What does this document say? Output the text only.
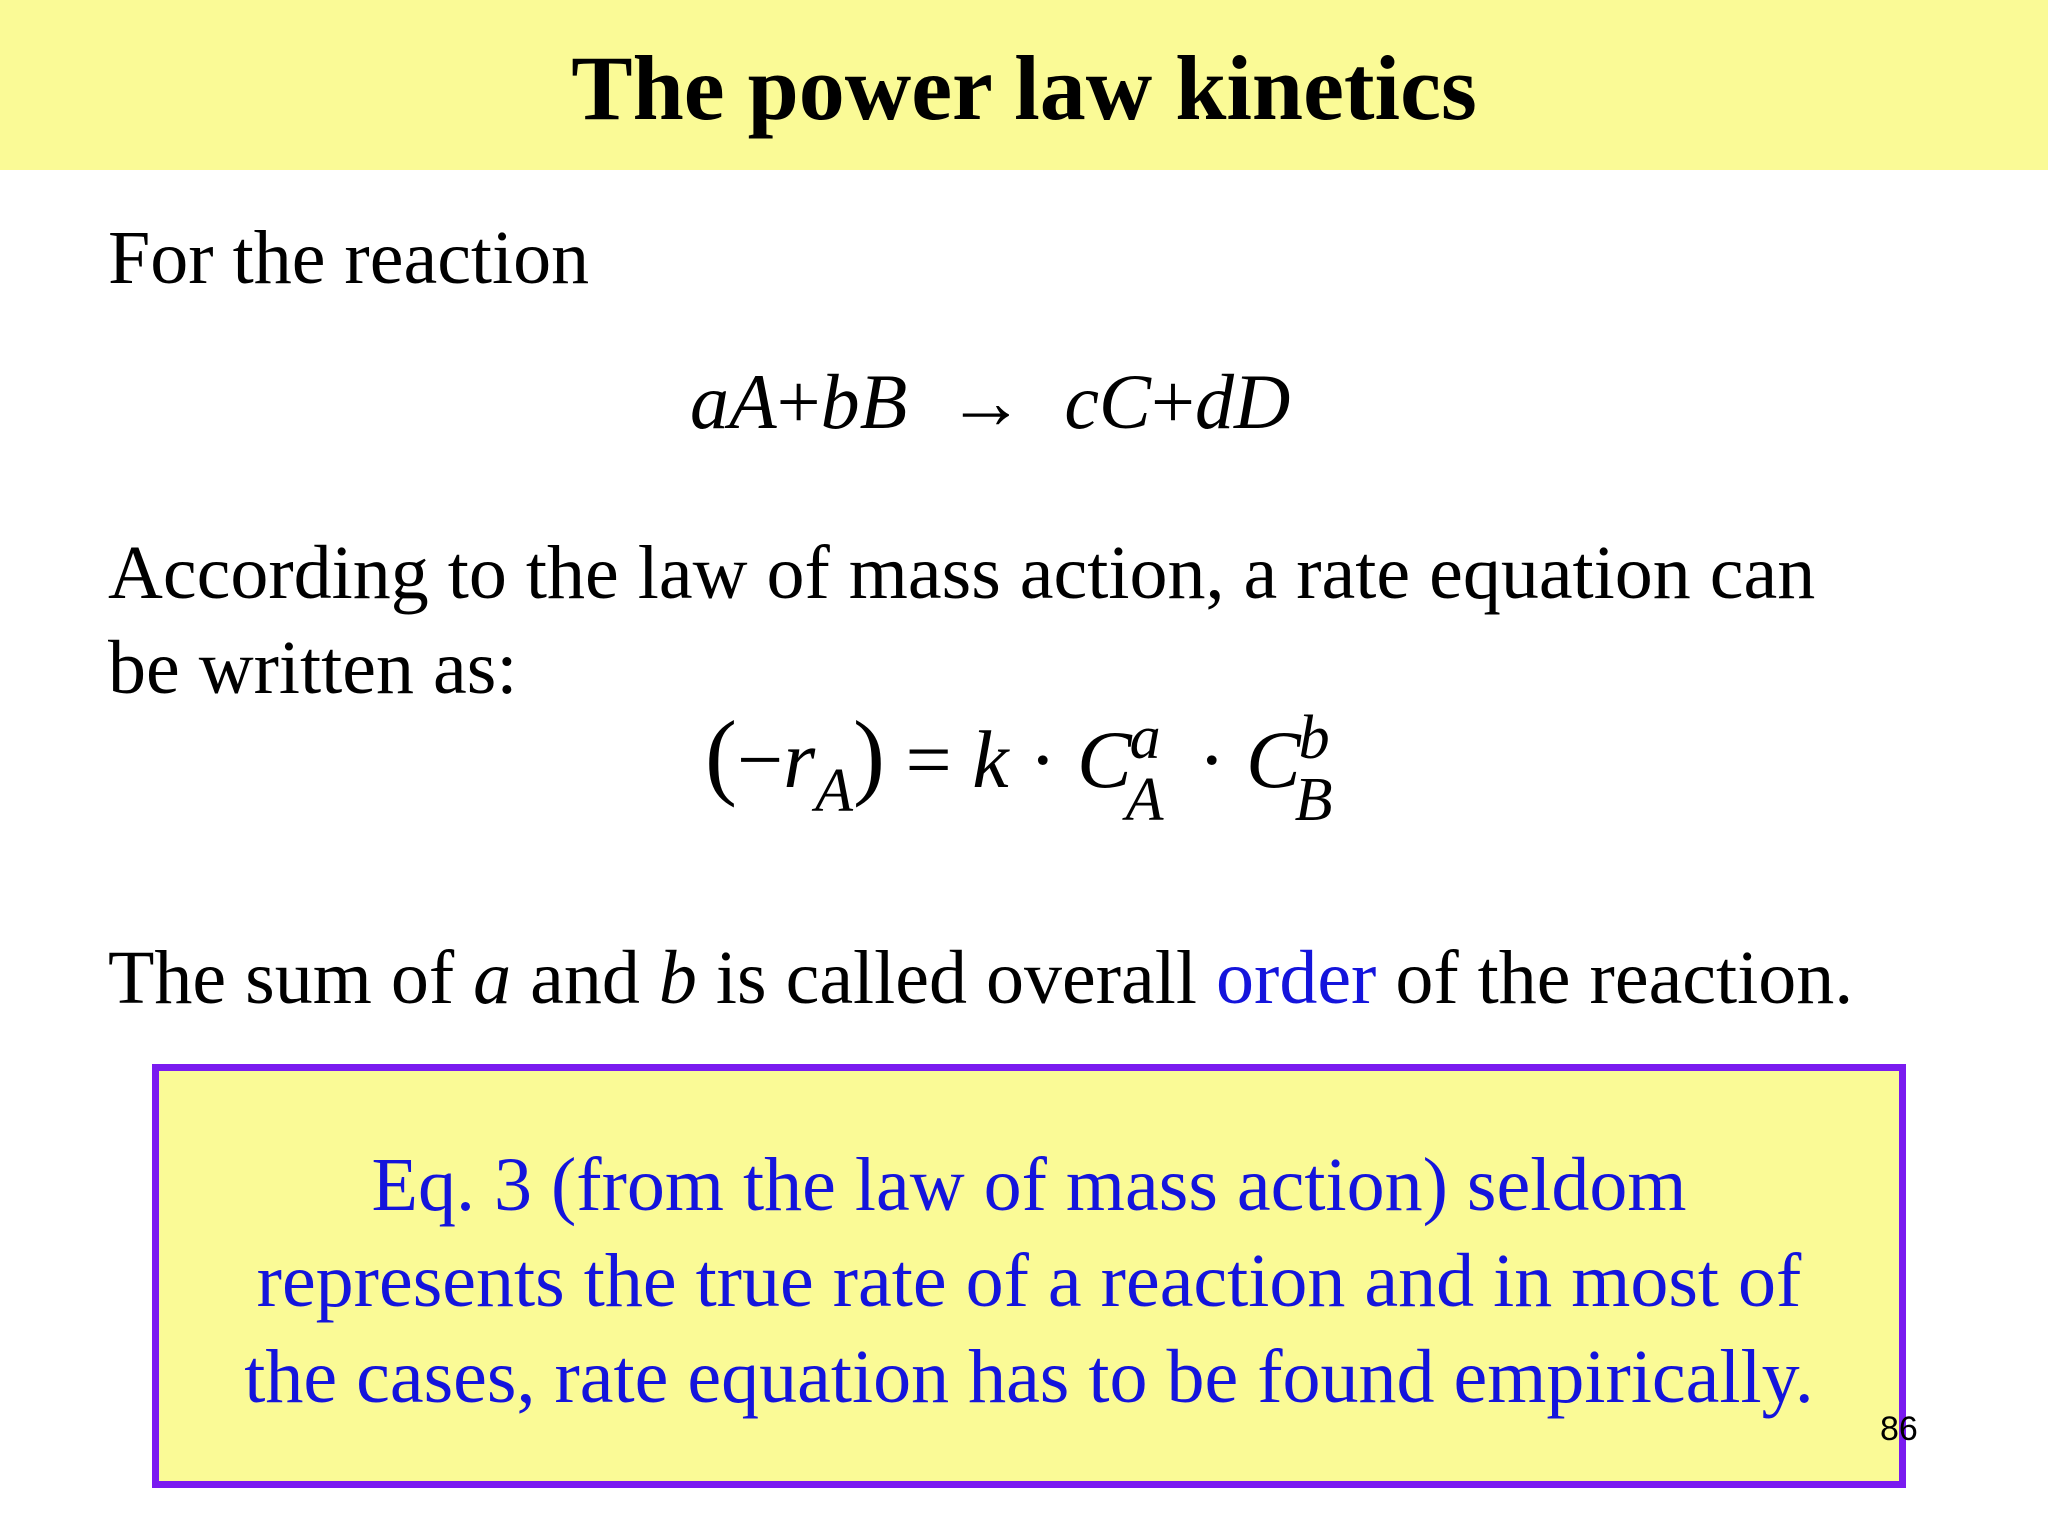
The power law kinetics
For the reaction
aA+bB → cC+dD
According to the law of mass action, a rate equation can
be written as:
$(-r_A) = k \cdot C$
a
A · C
b
B
The sum of a and b is called overall order of the reaction.
Eq. 3 (from the law of mass action) seldom
represents the true rate of a reaction and in most of
the cases, rate equation has to be found empirically.
86
